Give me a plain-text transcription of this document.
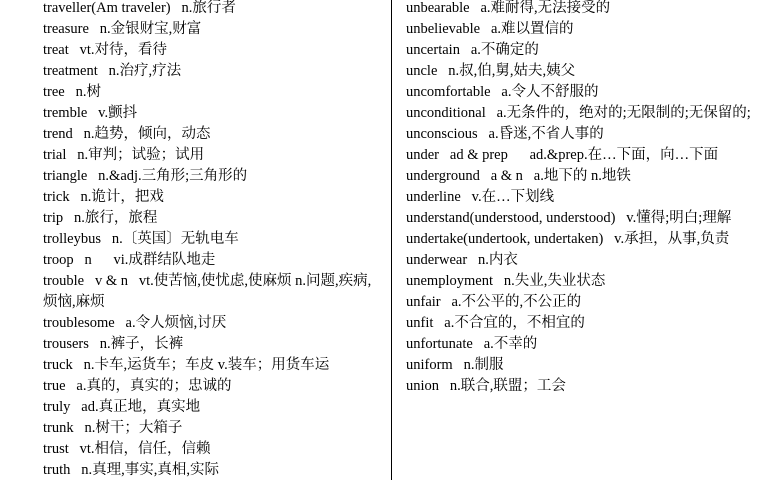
traveller(Am traveler)   n.旅行者
treasure   n.金银财宝,财富
treat   vt.对待，看待
treatment   n.治疗,疗法
tree   n.树
tremble   v.颤抖
trend   n.趋势，倾向，动态
trial   n.审判；试验；试用
triangle   n.&adj.三角形;三角形的
trick   n.诡计，把戏
trip   n.旅行，旅程
trolleybus   n.〔英国〕无轨电车
troop   n      vi.成群结队地走
trouble   v & n   vt.使苦恼,使忧虑,使麻烦 n.问题,疾病,烦恼,麻烦
troublesome   a.令人烦恼,讨厌
trousers   n.裤子，长裤
truck   n.卡车,运货车；车皮 v.装车；用货车运
true   a.真的，真实的；忠诚的
truly   ad.真正地，真实地
trunk   n.树干；大箱子
trust   vt.相信，信任，信赖
truth   n.真理,事实,真相,实际
unbearable   a.难耐得,无法接受的
unbelievable   a.难以置信的
uncertain   a.不确定的
uncle   n.叔,伯,舅,姑夫,姨父
uncomfortable   a.令人不舒服的
unconditional   a.无条件的，绝对的;无限制的;无保留的;
unconscious   a.昏迷,不省人事的
under   ad & prep      ad.&prep.在…下面，向…下面
underground   a & n   a.地下的 n.地铁
underline   v.在…下划线
understand(understood, understood)   v.懂得;明白;理解
undertake(undertook, undertaken)   v.承担，从事,负责
underwear   n.内衣
unemployment   n.失业,失业状态
unfair   a.不公平的,不公正的
unfit   a.不合宜的，不相宜的
unfortunate   a.不幸的
uniform   n.制服
union   n.联合,联盟；工会
